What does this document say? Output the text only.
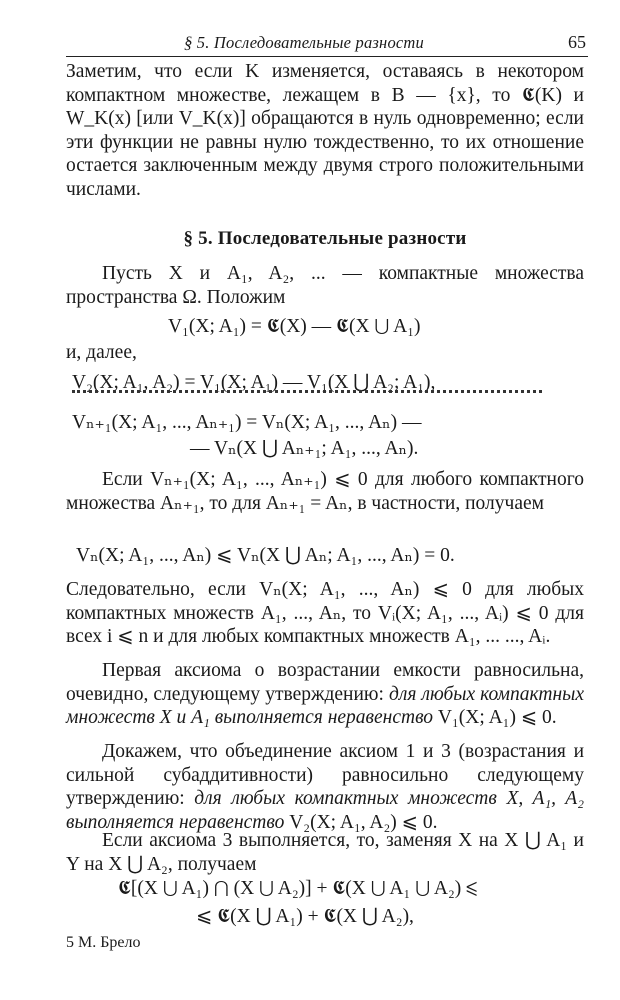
§ 5. Последовательные разности	65

Заметим, что если K изменяется, оставаясь в некотором компактном множестве, лежащем в B — {x}, то 𝕮(K) и W_K(x) [или V_K(x)] обращаются в нуль одновременно; если эти функции не равны нулю тождественно, то их отношение остается заключенным между двумя строго положительными числами.

§ 5. Последовательные разности

Пусть X и A₁, A₂, ... — компактные множества пространства Ω. Положим

V₁(X; A₁) = 𝕮(X) — 𝕮(X ⋃ A₁)
и, далее,
V₂(X; A₁, A₂) = V₁(X; A₁) — V₁(X ⋃ A₂; A₁),
Vₙ₊₁(X; A₁, ..., Aₙ₊₁) = Vₙ(X; A₁, ..., Aₙ) —
— Vₙ(X ⋃ Aₙ₊₁; A₁, ..., Aₙ).

Если Vₙ₊₁(X; A₁, ..., Aₙ₊₁) ⩽ 0 для любого компактного множества Aₙ₊₁, то для Aₙ₊₁ = Aₙ, в частности, получаем

Vₙ(X; A₁, ..., Aₙ) ⩽ Vₙ(X ⋃ Aₙ; A₁, ..., Aₙ) = 0.

Следовательно, если Vₙ(X; A₁, ..., Aₙ) ⩽ 0 для любых компактных множеств A₁, ..., Aₙ, то Vᵢ(X; A₁, ..., Aᵢ) ⩽ 0 для всех i ⩽ n и для любых компактных множеств A₁, ... ..., Aᵢ.

Первая аксиома о возрастании емкости равносильна, очевидно, следующему утверждению: для любых компактных множеств X и A₁ выполняется неравенство V₁(X; A₁) ⩽ 0.

Докажем, что объединение аксиом 1 и 3 (возрастания и сильной субаддитивности) равносильно следующему утверждению: для любых компактных множеств X, A₁, A₂ выполняется неравенство V₂(X; A₁, A₂) ⩽ 0.

Если аксиома 3 выполняется, то, заменяя X на X ⋃ A₁ и Y на X ⋃ A₂, получаем

𝕮[(X ⋃ A₁) ⋂ (X ⋃ A₂)] + 𝕮(X ⋃ A₁ ⋃ A₂) ⩽
⩽ 𝕮(X ⋃ A₁) + 𝕮(X ⋃ A₂),
5 М. Брело
